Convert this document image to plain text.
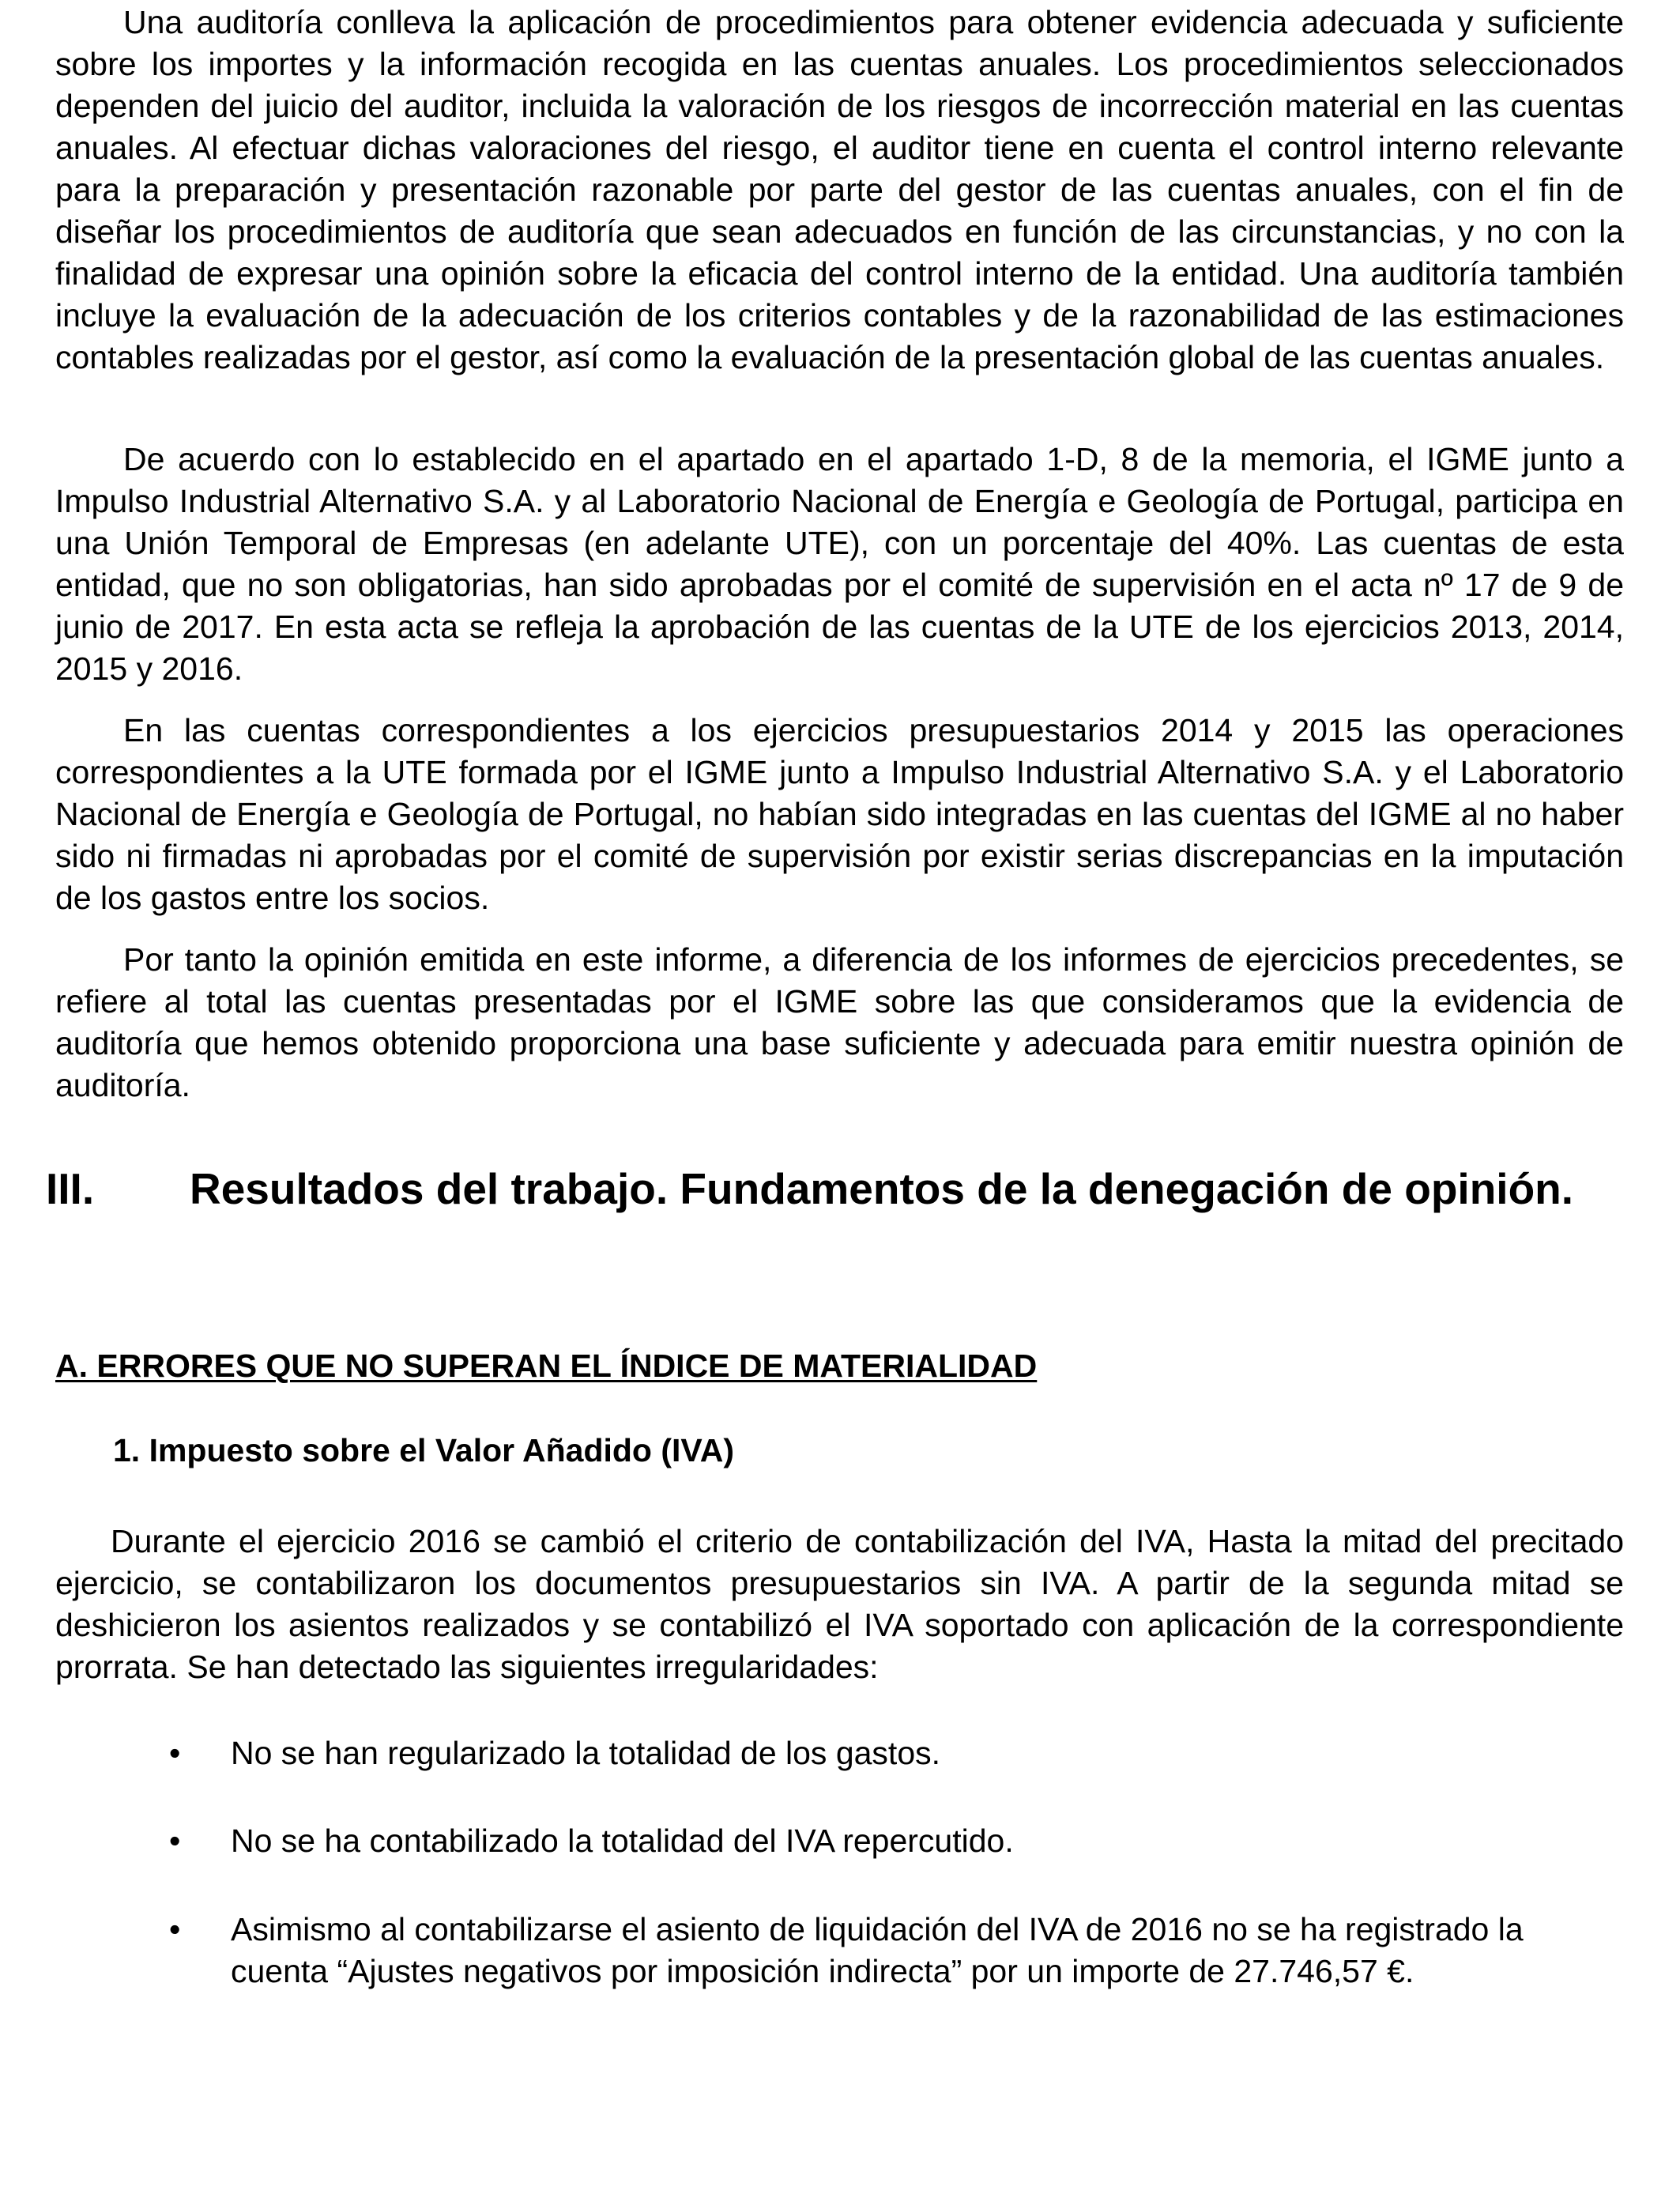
Una auditoría conlleva la aplicación de procedimientos para obtener evidencia adecuada y suficiente sobre los importes y la información recogida en las cuentas anuales. Los procedimientos seleccionados dependen del juicio del auditor, incluida la valoración de los riesgos de incorrección material en las cuentas anuales. Al efectuar dichas valoraciones del riesgo, el auditor tiene en cuenta el control interno relevante para la preparación y presentación razonable por parte del gestor de las cuentas anuales, con el fin de diseñar los procedimientos de auditoría que sean adecuados en función de las circunstancias, y no con la finalidad de expresar una opinión sobre la eficacia del control interno de la entidad. Una auditoría también incluye la evaluación de la adecuación de los criterios contables y de la razonabilidad de las estimaciones contables realizadas por el gestor, así como la evaluación de la presentación global de las cuentas anuales.

De acuerdo con lo establecido en el apartado en el apartado 1-D, 8 de la memoria, el IGME junto a Impulso Industrial Alternativo S.A. y al Laboratorio Nacional de Energía e Geología de Portugal, participa en una Unión Temporal de Empresas (en adelante UTE), con un porcentaje del 40%. Las cuentas de esta entidad, que no son obligatorias, han sido aprobadas por el comité de supervisión en el acta nº 17 de 9 de junio de 2017. En esta acta se refleja la aprobación de las cuentas de la UTE de los ejercicios 2013, 2014, 2015 y 2016.

En las cuentas correspondientes a los ejercicios presupuestarios 2014 y 2015 las operaciones correspondientes a la UTE formada por el IGME junto a Impulso Industrial Alternativo S.A. y el Laboratorio Nacional de Energía e Geología de Portugal, no habían sido integradas en las cuentas del IGME al no haber sido ni firmadas ni aprobadas por el comité de supervisión por existir serias discrepancias en la imputación de los gastos entre los socios.

Por tanto la opinión emitida en este informe, a diferencia de los informes de ejercicios precedentes, se refiere al total las cuentas presentadas por el IGME sobre las que consideramos que la evidencia de auditoría que hemos obtenido proporciona una base suficiente y adecuada para emitir nuestra opinión de auditoría.

III. Resultados del trabajo. Fundamentos de la denegación de opinión.
A. ERRORES QUE NO SUPERAN EL ÍNDICE DE MATERIALIDAD
1. Impuesto sobre el Valor Añadido (IVA)

Durante el ejercicio 2016 se cambió el criterio de contabilización del IVA, Hasta la mitad del precitado ejercicio, se contabilizaron los documentos presupuestarios sin IVA. A partir de la segunda mitad se deshicieron los asientos realizados y se contabilizó el IVA soportado con aplicación de la correspondiente prorrata. Se han detectado las siguientes irregularidades:

•	No se han regularizado la totalidad de los gastos.
•	No se ha contabilizado la totalidad del IVA repercutido.
•	Asimismo al contabilizarse el asiento de liquidación del IVA de 2016 no se ha registrado la cuenta “Ajustes negativos por imposición indirecta” por un importe de 27.746,57 €.
